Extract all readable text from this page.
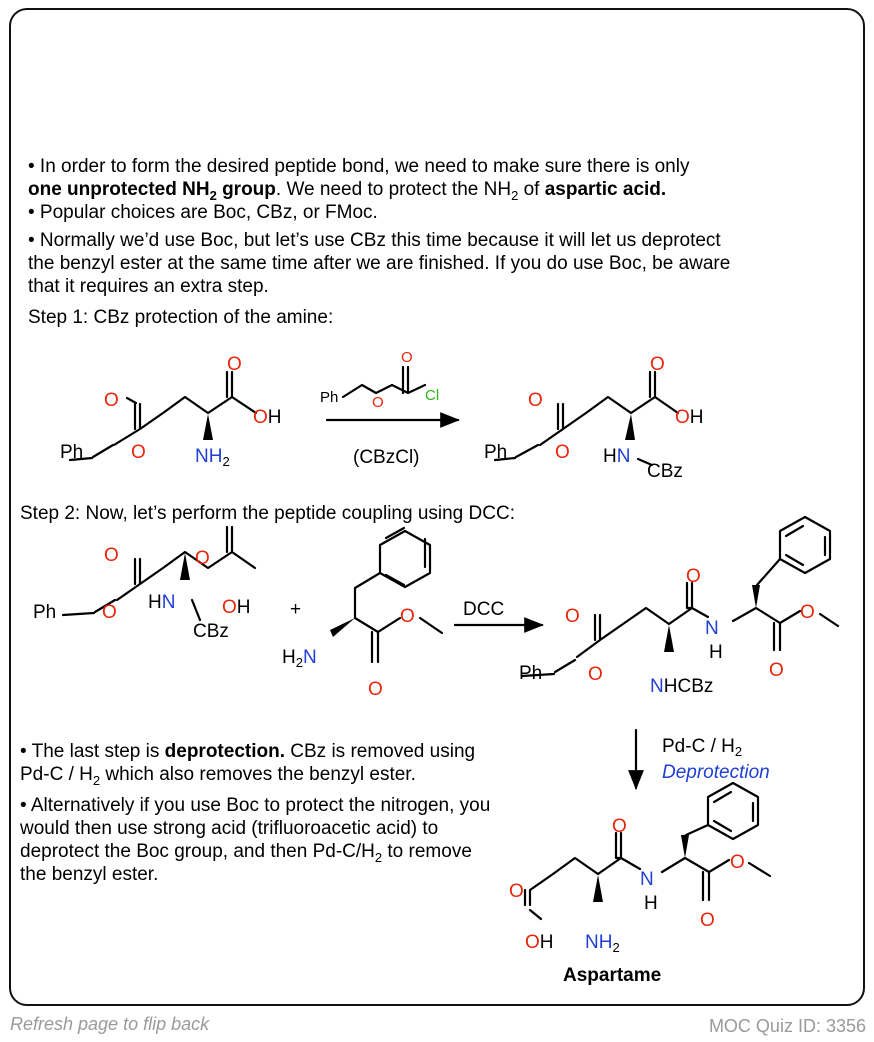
• In order to form the desired peptide bond, we need to make sure there is only
one unprotected $NH_2$ group. We need to protect the $NH_2$ of aspartic acid.
• Popular choices are Boc, CBz, or FMoc.
• Normally we’d use Boc, but let’s use CBz this time because it will let us deprotect
the benzyl ester at the same time after we are finished. If you do use Boc, be aware
that it requires an extra step.
Step 1: CBz protection of the amine:
Step 2: Now, let’s perform the peptide coupling using DCC:
• The last step is deprotection. CBz is removed using
$Pd-C / H_2$ which also removes the benzyl ester.
• Alternatively if you use Boc to protect the nitrogen, you
would then use strong acid (trifluoroacetic acid) to
deprotect the Boc group, and then $Pd-C/H_2$ to remove
the benzyl ester.
O
O
OH
O
Ph	$NH_2$
Ph O
O
Cl
(CBzCl)
O
O
OH
O
Ph	HN
CBz
O
O
OH
O
Ph	HN
CBz
+
$H_2N$
O
O
DCC
O
O
N
H
O
O
O
Ph
NHCBz
$Pd-C / H_2$
Deprotection
O
O
OH
N
H
O
O
$NH_2$
Aspartame
Refresh page to flip back	MOC Quiz ID: 3356
